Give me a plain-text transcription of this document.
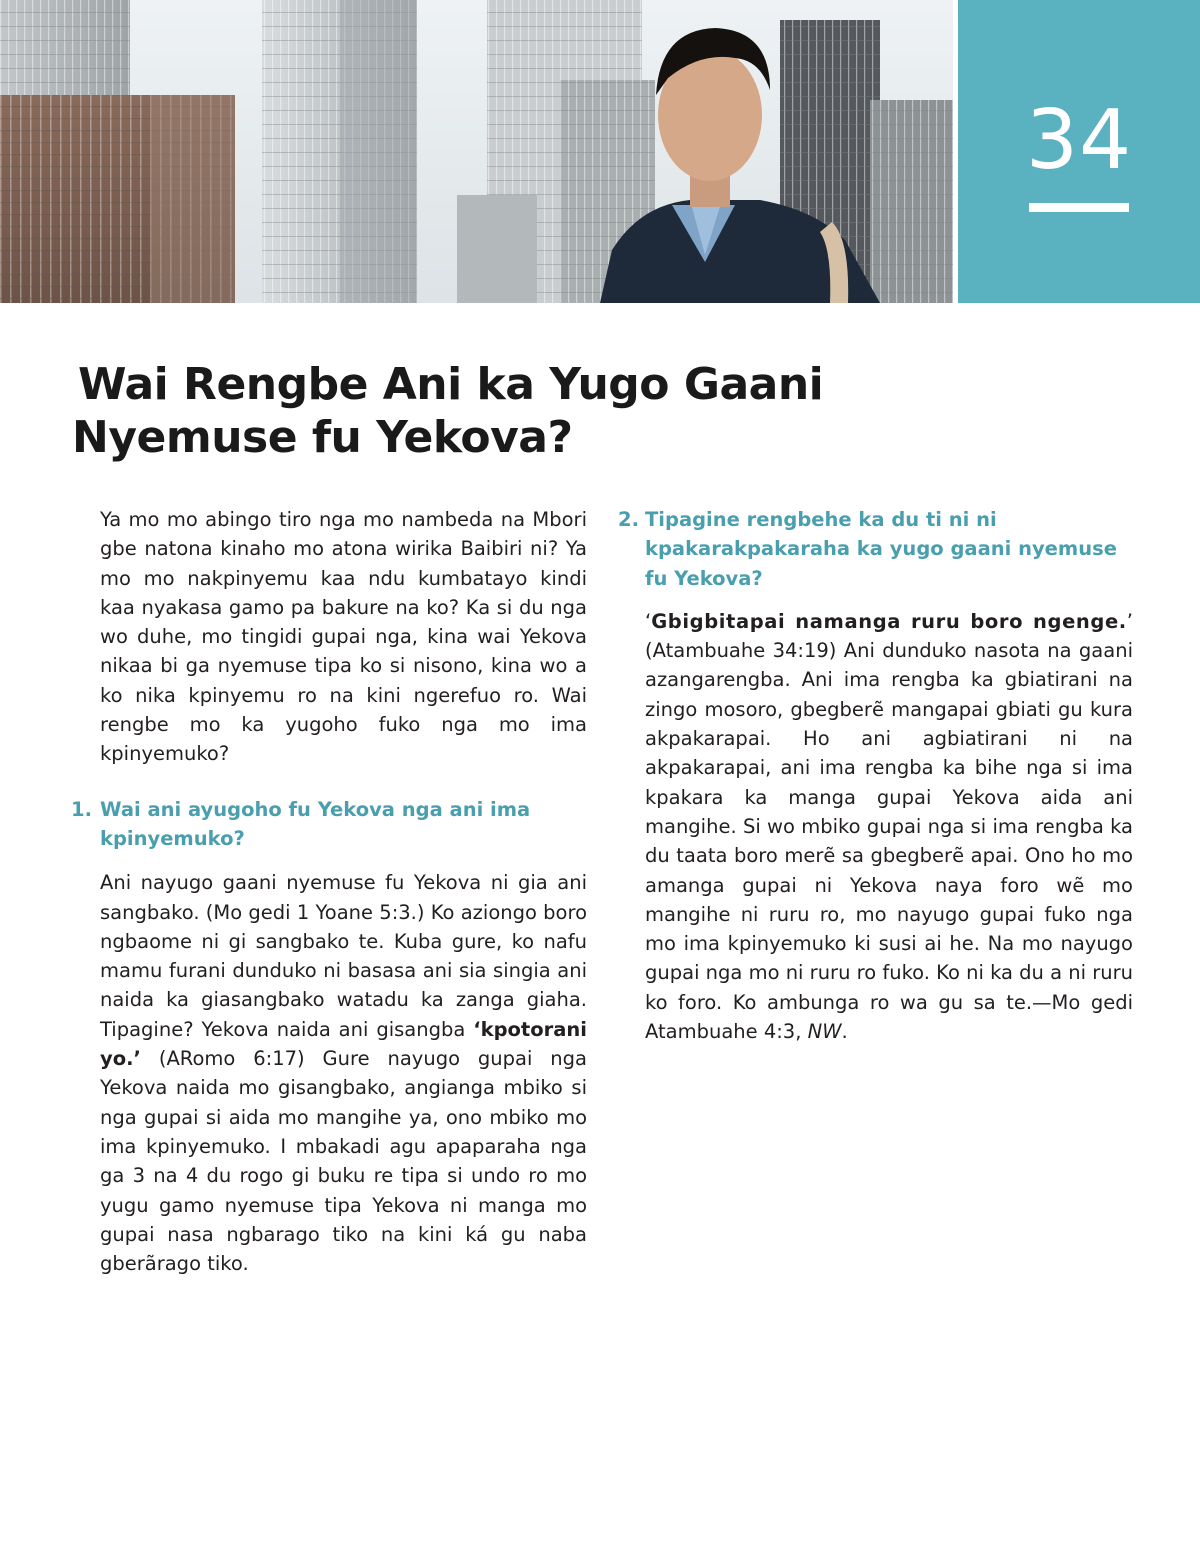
34
Wai Rengbe Ani ka Yugo Gaani
Nyemuse fu Yekova?

Ya mo mo abingo tiro nga mo nambeda na Mbori gbe natona kinaho mo atona wirika Baibiri ni? Ya mo mo nakpinyemu kaa ndu kumbatayo kindi kaa nyakasa gamo pa bakure na ko? Ka si du nga wo duhe, mo tingidi gupai nga, kina wai Yekova nikaa bi ga nyemuse tipa ko si nisono, kina wo a ko nika kpinyemu ro na kini ngerefuo ro. Wai rengbe mo ka yugoho fuko nga mo ima kpinyemuko?

1. Wai ani ayugoho fu Yekova nga ani ima kpinyemuko?

Ani nayugo gaani nyemuse fu Yekova ni gia ani sangbako. (Mo gedi 1 Yoane 5:3.) Ko aziongo boro ngbaome ni gi sangbako te. Kuba gure, ko nafu mamu furani dunduko ni basasa ani sia singia ani naida ka giasangbako watadu ka zanga giaha. Tipagine? Yekova naida ani gisangba ‘kpotorani yo.’ (ARomo 6:17) Gure nayugo gupai nga Yekova naida mo gisangbako, angianga mbiko si nga gupai si aida mo mangihe ya, ono mbiko mo ima kpinyemuko. I mbakadi agu apaparaha nga ga 3 na 4 du rogo gi buku re tipa si undo ro mo yugu gamo nyemuse tipa Yekova ni manga mo gupai nasa ngbarago tiko na kini ká gu naba gberãrago tiko.

2. Tipagine rengbehe ka du ti ni ni kpakarakpakaraha ka yugo gaani nyemuse fu Yekova?

‘Gbigbitapai namanga ruru boro ngenge.’ (Atambuahe 34:19) Ani dunduko nasota na gaani azangarengba. Ani ima rengba ka gbiatirani na zingo mosoro, gbegberẽ mangapai gbiati gu kura akpakarapai. Ho ani agbiatirani ni na akpakarapai, ani ima rengba ka bihe nga si ima kpakara ka manga gupai Yekova aida ani mangihe. Si wo mbiko gupai nga si ima rengba ka du taata boro merẽ sa gbegberẽ apai. Ono ho mo amanga gupai ni Yekova naya foro wẽ mo mangihe ni ruru ro, mo nayugo gupai fuko nga mo ima kpinyemuko ki susi ai he. Na mo nayugo gupai nga mo ni ruru ro fuko. Ko ni ka du a ni ruru ko foro. Ko ambunga ro wa gu sa te.—Mo gedi Atambuahe 4:3, NW.
